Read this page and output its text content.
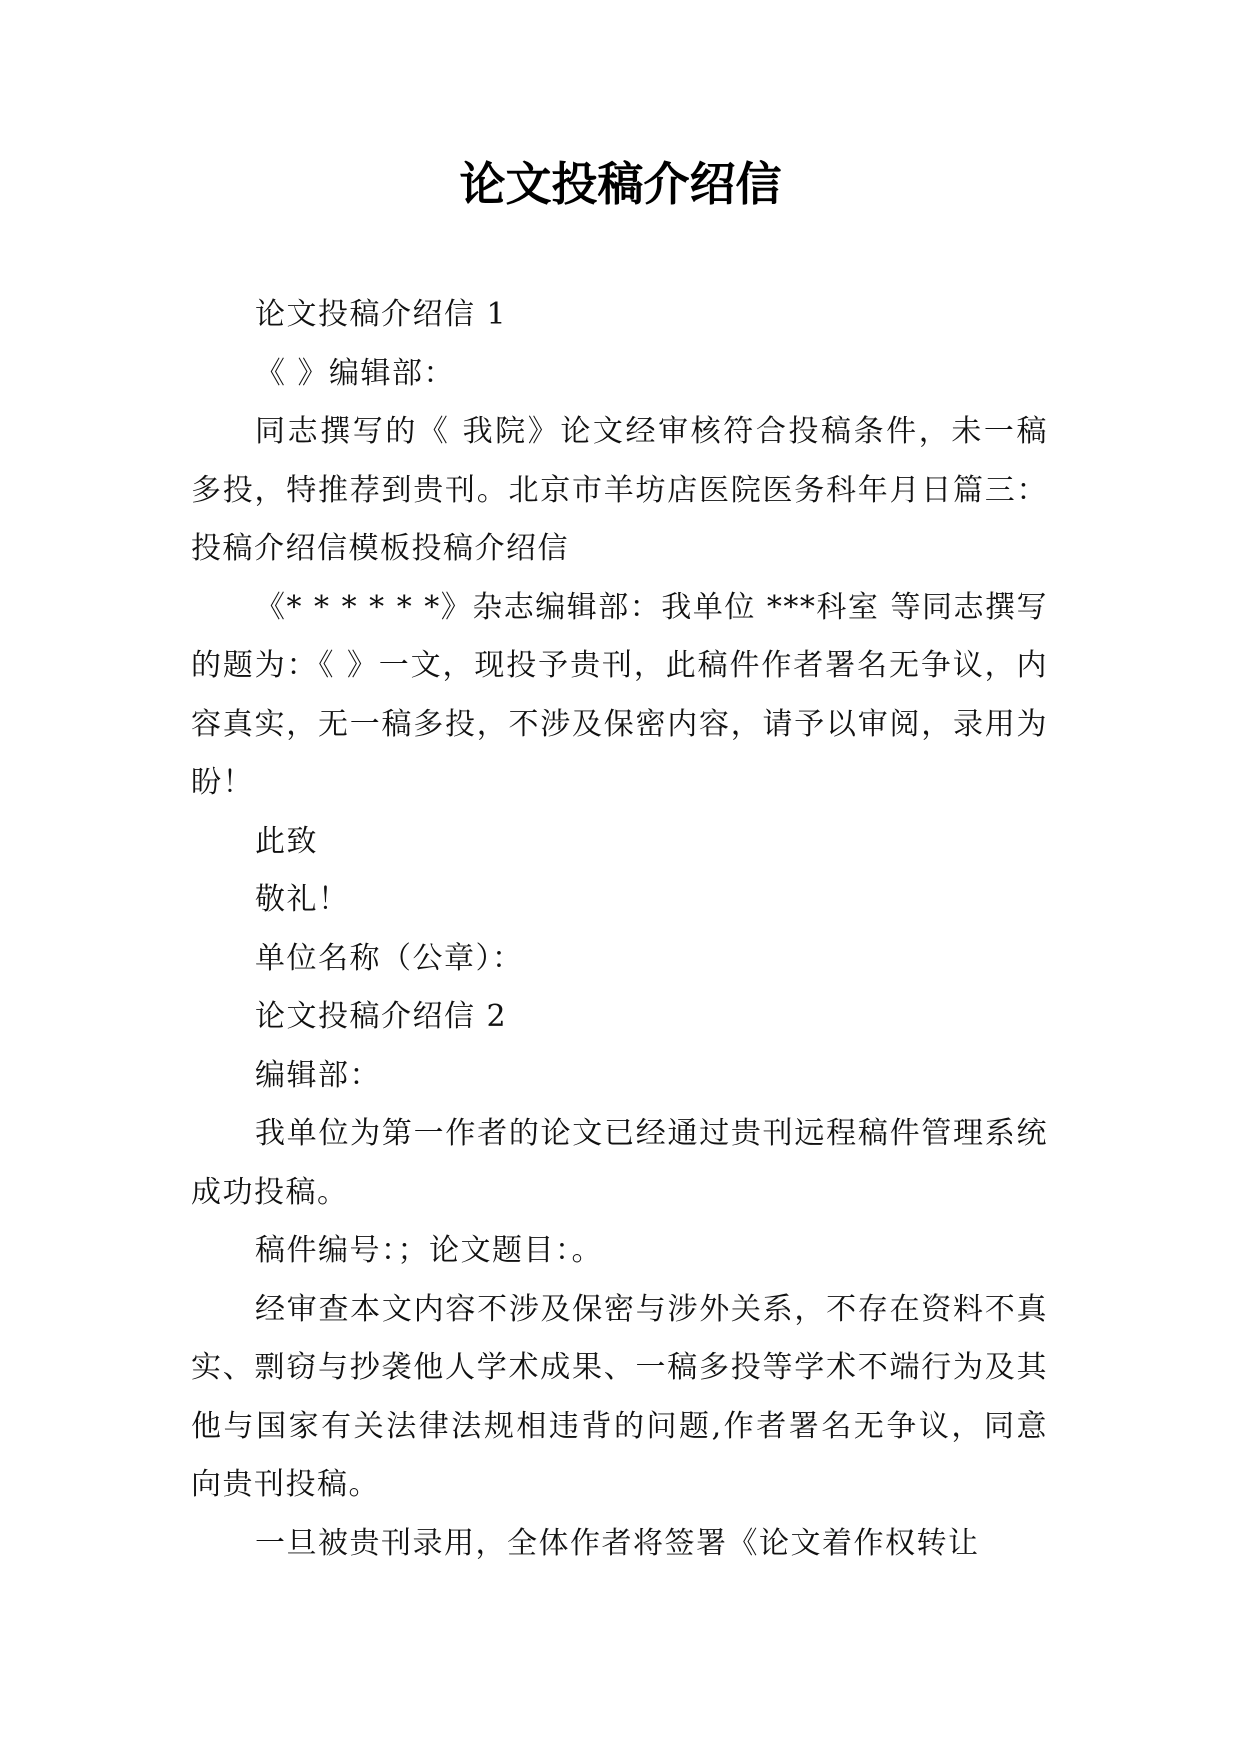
论文投稿介绍信

论文投稿介绍信 1

《 》编辑部：

同志撰写的《 我院》论文经审核符合投稿条件，未一稿多投，特推荐到贵刊。北京市羊坊店医院医务科年月日篇三：投稿介绍信模板投稿介绍信

《* * * * * *》杂志编辑部：我单位 ***科室 等同志撰写的题为：《 》一文，现投予贵刊，此稿件作者署名无争议，内容真实，无一稿多投，不涉及保密内容，请予以审阅，录用为盼！

此致

敬礼！

单位名称（公章）：

论文投稿介绍信 2

编辑部：

我单位为第一作者的论文已经通过贵刊远程稿件管理系统成功投稿。

稿件编号：；论文题目：。

经审查本文内容不涉及保密与涉外关系，不存在资料不真实、剽窃与抄袭他人学术成果、一稿多投等学术不端行为及其他与国家有关法律法规相违背的问题,作者署名无争议，同意向贵刊投稿。

一旦被贵刊录用，全体作者将签署《论文着作权转让
